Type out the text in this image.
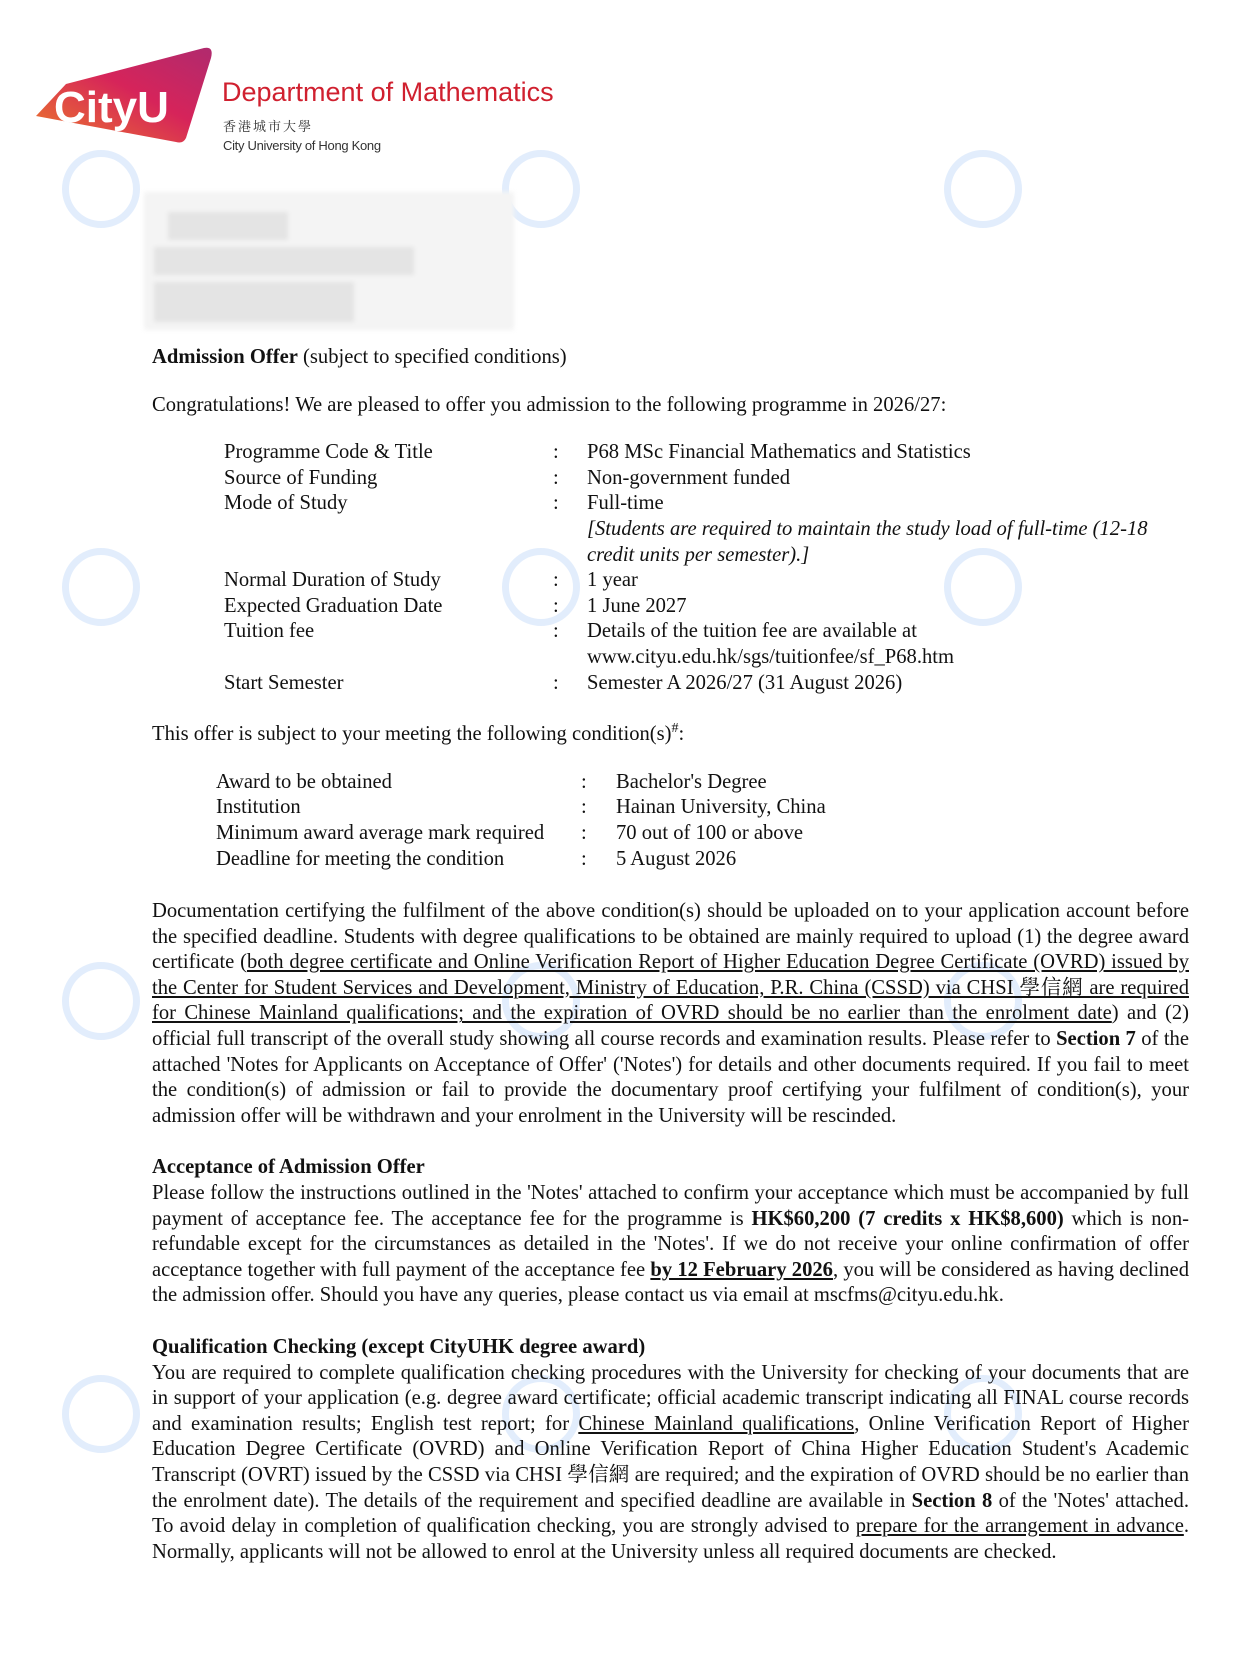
CityU Department of Mathematics
香港城市大學
City University of Hong Kong

Admission Offer (subject to specified conditions)

Congratulations! We are pleased to offer you admission to the following programme in 2026/27:

Programme Code & Title	:	P68 MSc Financial Mathematics and Statistics
Source of Funding	:	Non-government funded
Mode of Study	:	Full-time
[Students are required to maintain the study load of full-time (12-18 credit units per semester).]
Normal Duration of Study	:	1 year
Expected Graduation Date	:	1 June 2027
Tuition fee	:	Details of the tuition fee are available at
www.cityu.edu.hk/sgs/tuitionfee/sf_P68.htm
Start Semester	:	Semester A 2026/27 (31 August 2026)

This offer is subject to your meeting the following condition(s)#:

Award to be obtained	:	Bachelor's Degree
Institution	:	Hainan University, China
Minimum award average mark required	:	70 out of 100 or above
Deadline for meeting the condition	:	5 August 2026

Documentation certifying the fulfilment of the above condition(s) should be uploaded on to your application account before the specified deadline. Students with degree qualifications to be obtained are mainly required to upload (1) the degree award certificate (both degree certificate and Online Verification Report of Higher Education Degree Certificate (OVRD) issued by the Center for Student Services and Development, Ministry of Education, P.R. China (CSSD) via CHSI 學信網 are required for Chinese Mainland qualifications; and the expiration of OVRD should be no earlier than the enrolment date) and (2) official full transcript of the overall study showing all course records and examination results. Please refer to Section 7 of the attached 'Notes for Applicants on Acceptance of Offer' ('Notes') for details and other documents required. If you fail to meet the condition(s) of admission or fail to provide the documentary proof certifying your fulfilment of condition(s), your admission offer will be withdrawn and your enrolment in the University will be rescinded.

Acceptance of Admission Offer

Please follow the instructions outlined in the 'Notes' attached to confirm your acceptance which must be accompanied by full payment of acceptance fee. The acceptance fee for the programme is HK$60,200 (7 credits x HK$8,600) which is non-refundable except for the circumstances as detailed in the 'Notes'. If we do not receive your online confirmation of offer acceptance together with full payment of the acceptance fee by 12 February 2026, you will be considered as having declined the admission offer. Should you have any queries, please contact us via email at mscfms@cityu.edu.hk.

Qualification Checking (except CityUHK degree award)

You are required to complete qualification checking procedures with the University for checking of your documents that are in support of your application (e.g. degree award certificate; official academic transcript indicating all FINAL course records and examination results; English test report; for Chinese Mainland qualifications, Online Verification Report of Higher Education Degree Certificate (OVRD) and Online Verification Report of China Higher Education Student's Academic Transcript (OVRT) issued by the CSSD via CHSI 學信網 are required; and the expiration of OVRD should be no earlier than the enrolment date). The details of the requirement and specified deadline are available in Section 8 of the 'Notes' attached. To avoid delay in completion of qualification checking, you are strongly advised to prepare for the arrangement in advance. Normally, applicants will not be allowed to enrol at the University unless all required documents are checked.
